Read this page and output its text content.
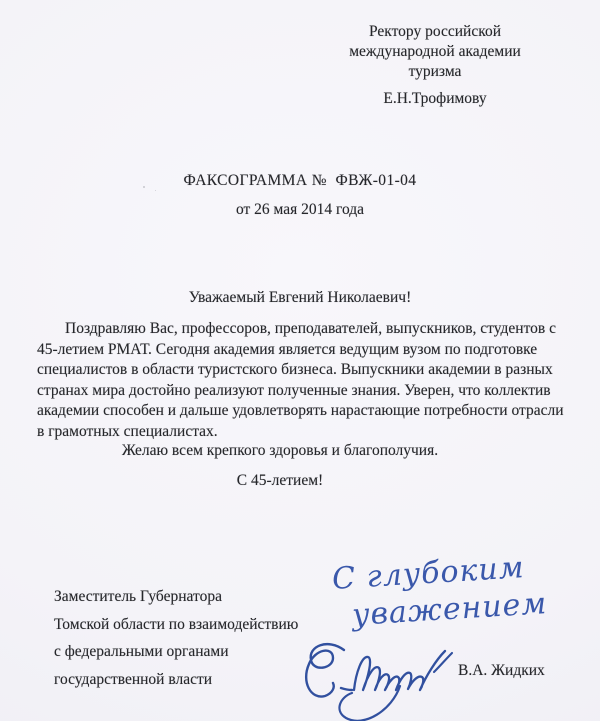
Ректору российской
международной академии
туризма
Е.Н.Трофимову
ФАКСОГРАММА №  ФВЖ-01-04
от 26 мая 2014 года
Уважаемый Евгений Николаевич!
Поздравляю Вас, профессоров, преподавателей, выпускников, студентов с
45-летием РМАТ. Сегодня академия является ведущим вузом по подготовке
специалистов в области туристского бизнеса. Выпускники академии в разных
странах мира достойно реализуют полученные знания. Уверен, что коллектив
академии способен и дальше удовлетворять нарастающие потребности отрасли
в грамотных специалистах.
Желаю всем крепкого здоровья и благополучия.
С 45-летием!
Заместитель Губернатора
Томской области по взаимодействию
с федеральными органами
государственной власти
С глубоким
уважением
В.А. Жидких
